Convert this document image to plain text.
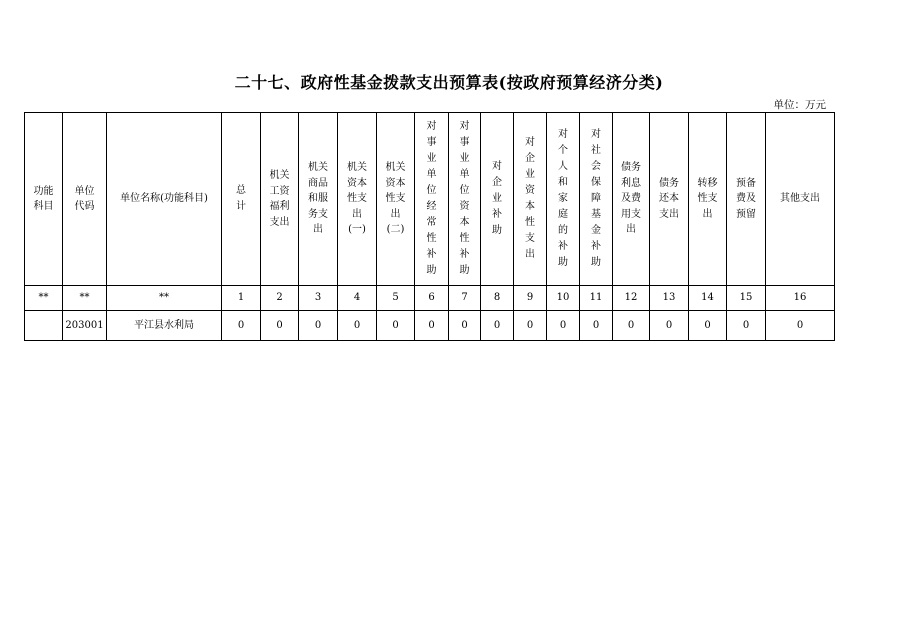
二十七、政府性基金拨款支出预算表(按政府预算经济分类)
单位：万元
功能科目	单位代码	单位名称(功能科目)	总计	机关工资福利支出	机关商品和服务支出	机关资本性支出(一)	机关资本性支出(二)	对事业单位经常性补助	对事业单位资本性补助	对企业补助	对企业资本性支出	对个人和家庭的补助	对社会保障基金补助	债务利息及费用支出	债务还本支出	转移性支出	预备费及预留	其他支出
**	**	**	1	2	3	4	5	6	7	8	9	10	11	12	13	14	15	16
	203001	平江县水利局	0	0	0	0	0	0	0	0	0	0	0	0	0	0	0	0
